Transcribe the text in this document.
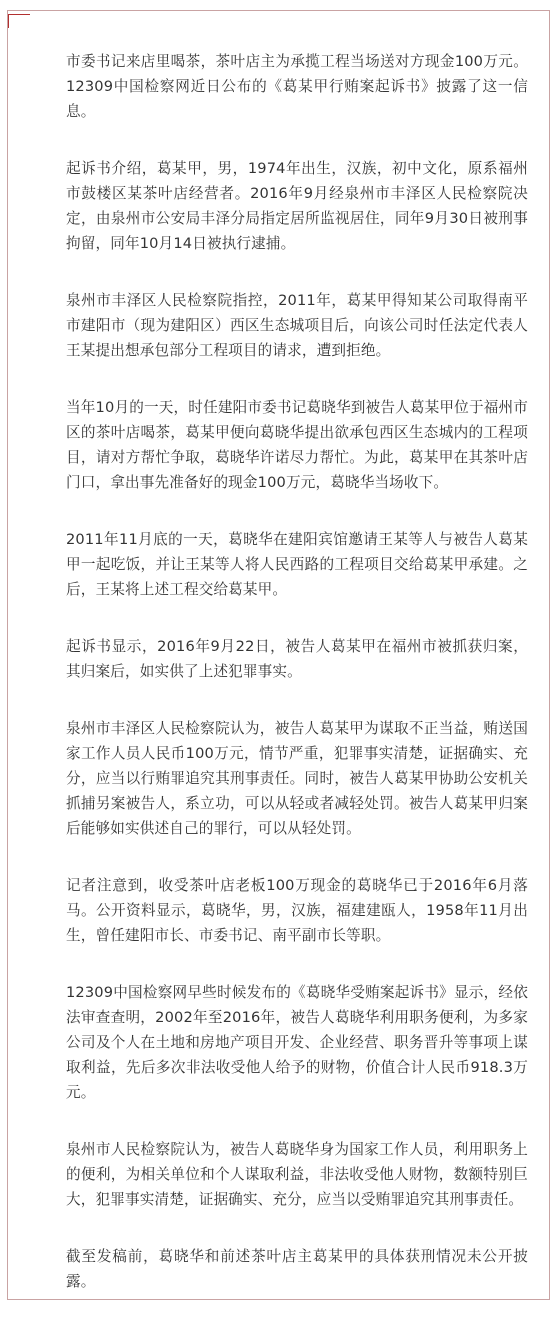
市委书记来店里喝茶，茶叶店主为承揽工程当场送对方现金100万元。12309中国检察网近日公布的《葛某甲行贿案起诉书》披露了这一信息。

起诉书介绍，葛某甲，男，1974年出生，汉族，初中文化，原系福州市鼓楼区某茶叶店经营者。2016年9月经泉州市丰泽区人民检察院决定，由泉州市公安局丰泽分局指定居所监视居住，同年9月30日被刑事拘留，同年10月14日被执行逮捕。

泉州市丰泽区人民检察院指控，2011年，葛某甲得知某公司取得南平市建阳市（现为建阳区）西区生态城项目后，向该公司时任法定代表人王某提出想承包部分工程项目的请求，遭到拒绝。

当年10月的一天，时任建阳市委书记葛晓华到被告人葛某甲位于福州市区的茶叶店喝茶，葛某甲便向葛晓华提出欲承包西区生态城内的工程项目，请对方帮忙争取，葛晓华许诺尽力帮忙。为此，葛某甲在其茶叶店门口，拿出事先准备好的现金100万元，葛晓华当场收下。

2011年11月底的一天，葛晓华在建阳宾馆邀请王某等人与被告人葛某甲一起吃饭，并让王某等人将人民西路的工程项目交给葛某甲承建。之后，王某将上述工程交给葛某甲。

起诉书显示，2016年9月22日，被告人葛某甲在福州市被抓获归案，其归案后，如实供了上述犯罪事实。

泉州市丰泽区人民检察院认为，被告人葛某甲为谋取不正当益，贿送国家工作人员人民币100万元，情节严重，犯罪事实清楚，证据确实、充分，应当以行贿罪追究其刑事责任。同时，被告人葛某甲协助公安机关抓捕另案被告人，系立功，可以从轻或者减轻处罚。被告人葛某甲归案后能够如实供述自己的罪行，可以从轻处罚。

记者注意到，收受茶叶店老板100万现金的葛晓华已于2016年6月落马。公开资料显示，葛晓华，男，汉族，福建建瓯人，1958年11月出生，曾任建阳市长、市委书记、南平副市长等职。

12309中国检察网早些时候发布的《葛晓华受贿案起诉书》显示，经依法审查查明，2002年至2016年，被告人葛晓华利用职务便利，为多家公司及个人在土地和房地产项目开发、企业经营、职务晋升等事项上谋取利益，先后多次非法收受他人给予的财物，价值合计人民币918.3万元。

泉州市人民检察院认为，被告人葛晓华身为国家工作人员，利用职务上的便利，为相关单位和个人谋取利益，非法收受他人财物，数额特别巨大，犯罪事实清楚，证据确实、充分，应当以受贿罪追究其刑事责任。

截至发稿前，葛晓华和前述茶叶店主葛某甲的具体获刑情况未公开披露。
